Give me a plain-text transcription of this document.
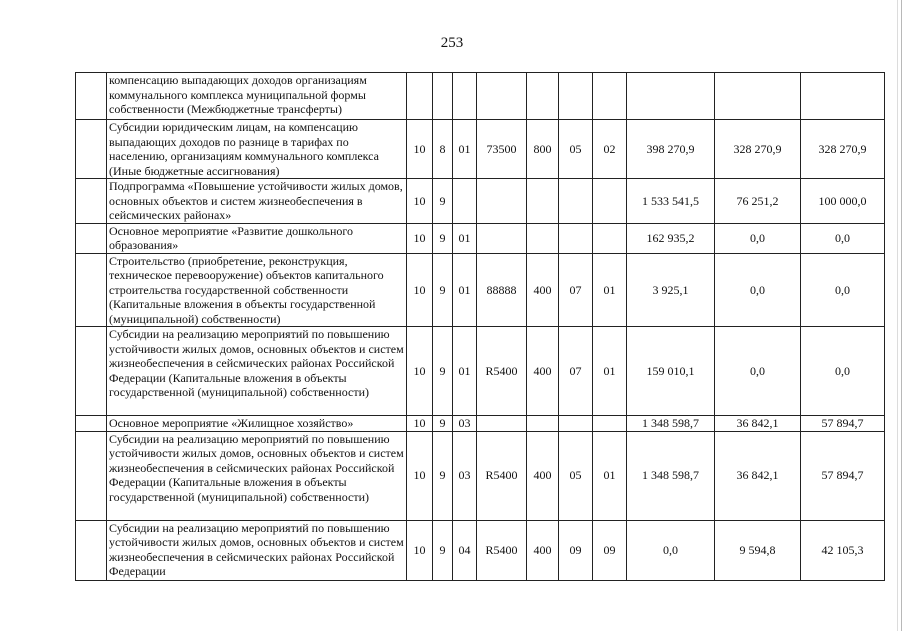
253
	компенсацию выпадающих доходов организациям коммунального комплекса муниципальной формы собственности (Межбюджетные трансферты)										
	Субсидии юридическим лицам, на компенсацию выпадающих доходов по разнице в тарифах по населению, организациям коммунального комплекса (Иные бюджетные ассигнования)	10	8	01	73500	800	05	02	398 270,9	328 270,9	328 270,9
	Подпрограмма «Повышение устойчивости жилых домов, основных объектов и систем жизнеобеспечения в сейсмических районах»	10	9						1 533 541,5	76 251,2	100 000,0
	Основное мероприятие «Развитие дошкольного образования»	10	9	01					162 935,2	0,0	0,0
	Строительство (приобретение, реконструкция, техническое перевооружение) объектов капитального строительства государственной собственности (Капитальные вложения в объекты государственной (муниципальной) собственности)	10	9	01	88888	400	07	01	3 925,1	0,0	0,0
	Субсидии на реализацию мероприятий по повышению устойчивости жилых домов, основных объектов и систем жизнеобеспечения в сейсмических районах Российской Федерации (Капитальные вложения в объекты государственной (муниципальной) собственности)	10	9	01	R5400	400	07	01	159 010,1	0,0	0,0
	Основное мероприятие «Жилищное хозяйство»	10	9	03					1 348 598,7	36 842,1	57 894,7
	Субсидии на реализацию мероприятий по повышению устойчивости жилых домов, основных объектов и систем жизнеобеспечения в сейсмических районах Российской Федерации (Капитальные вложения в объекты государственной (муниципальной) собственности)	10	9	03	R5400	400	05	01	1 348 598,7	36 842,1	57 894,7
	Субсидии на реализацию мероприятий по повышению устойчивости жилых домов, основных объектов и систем жизнеобеспечения в сейсмических районах Российской Федерации	10	9	04	R5400	400	09	09	0,0	9 594,8	42 105,3
